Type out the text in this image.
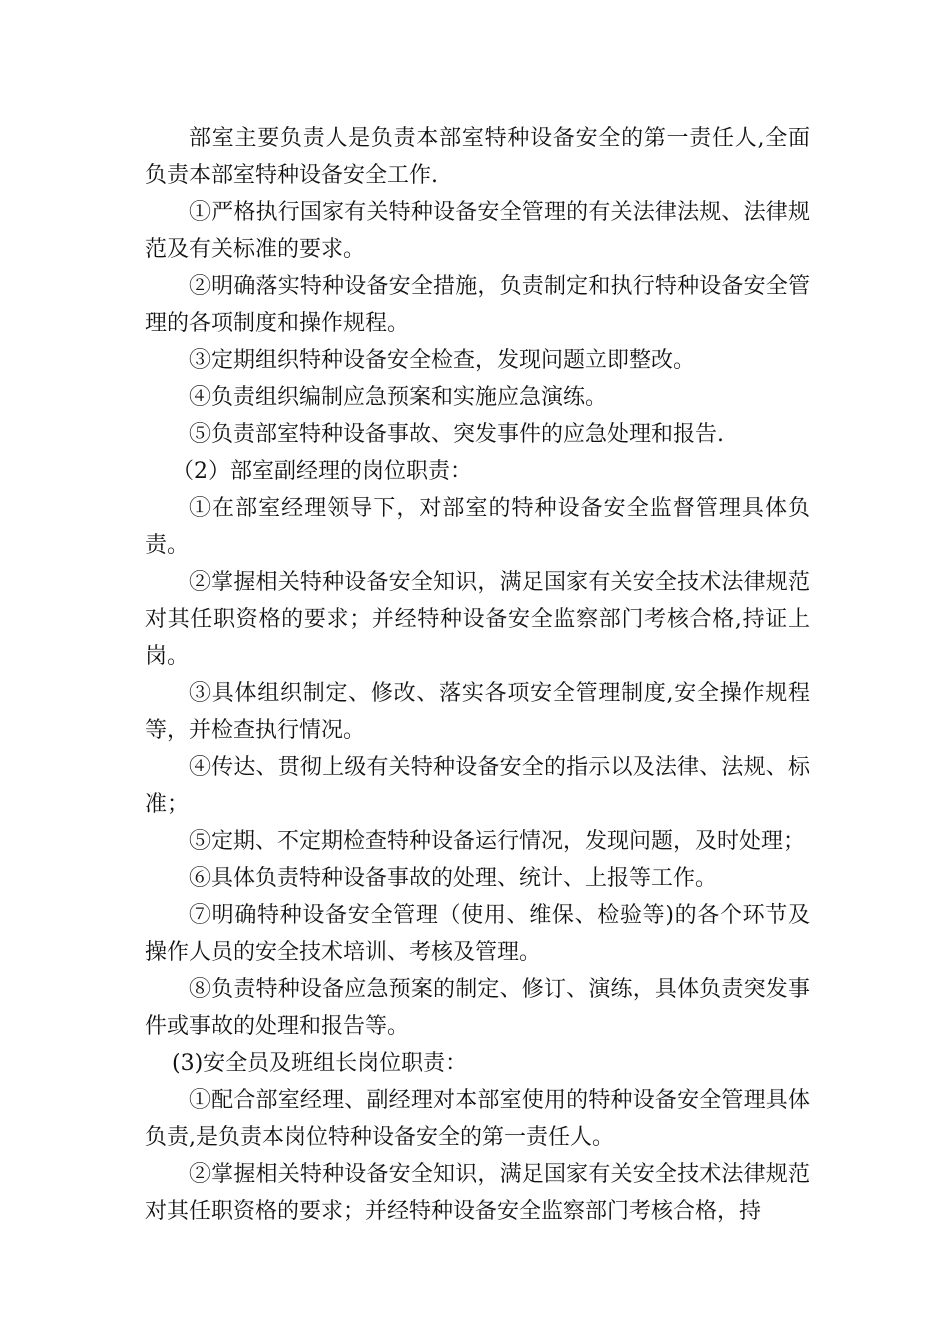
部室主要负责人是负责本部室特种设备安全的第一责任人,全面负责本部室特种设备安全工作.

①严格执行国家有关特种设备安全管理的有关法律法规、法律规范及有关标准的要求。

②明确落实特种设备安全措施，负责制定和执行特种设备安全管理的各项制度和操作规程。

③定期组织特种设备安全检查，发现问题立即整改。

④负责组织编制应急预案和实施应急演练。

⑤负责部室特种设备事故、突发事件的应急处理和报告.

（2）部室副经理的岗位职责：

①在部室经理领导下，对部室的特种设备安全监督管理具体负责。

②掌握相关特种设备安全知识，满足国家有关安全技术法律规范对其任职资格的要求；并经特种设备安全监察部门考核合格,持证上岗。

③具体组织制定、修改、落实各项安全管理制度,安全操作规程等，并检查执行情况。

④传达、贯彻上级有关特种设备安全的指示以及法律、法规、标准；

⑤定期、不定期检查特种设备运行情况，发现问题，及时处理；

⑥具体负责特种设备事故的处理、统计、上报等工作。

⑦明确特种设备安全管理（使用、维保、检验等)的各个环节及操作人员的安全技术培训、考核及管理。

⑧负责特种设备应急预案的制定、修订、演练，具体负责突发事件或事故的处理和报告等。

(3)安全员及班组长岗位职责：

①配合部室经理、副经理对本部室使用的特种设备安全管理具体负责,是负责本岗位特种设备安全的第一责任人。

②掌握相关特种设备安全知识，满足国家有关安全技术法律规范对其任职资格的要求；并经特种设备安全监察部门考核合格，持
